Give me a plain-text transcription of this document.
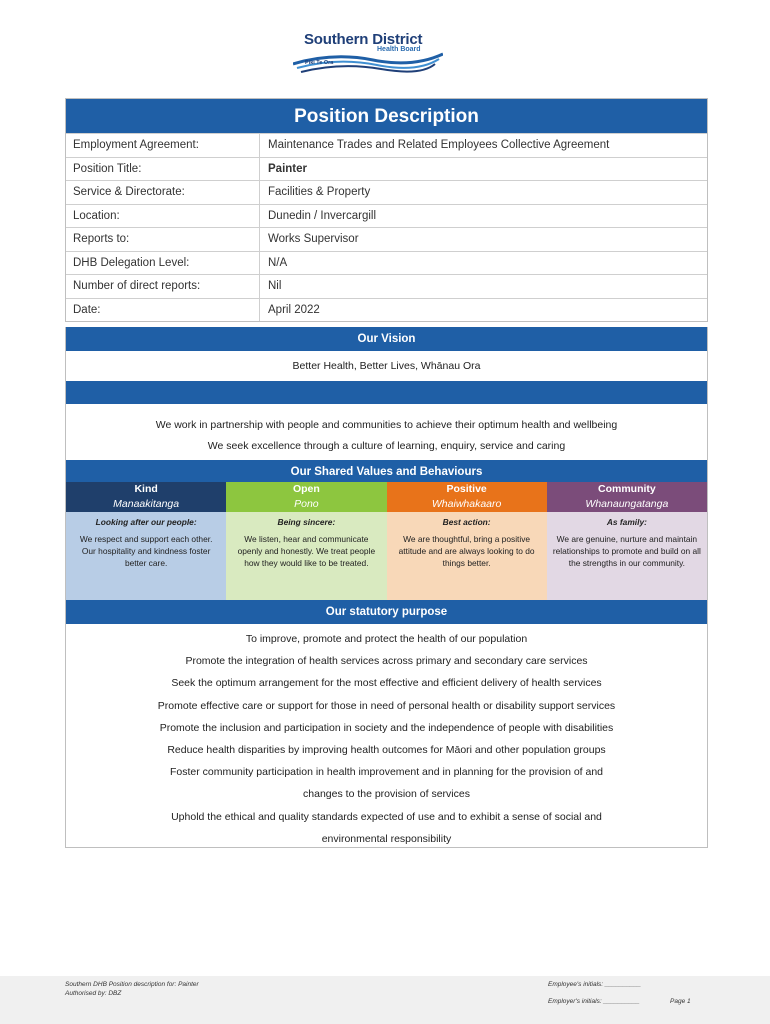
Southern District
Health Board
Piki Te Ora
Position Description
Employment Agreement:	Maintenance Trades and Related Employees Collective Agreement
Position Title:	Painter
Service & Directorate:	Facilities & Property
Location:	Dunedin / Invercargill
Reports to:	Works Supervisor
DHB Delegation Level:	N/A
Number of direct reports:	Nil
Date:	April 2022
Our Vision
Better Health, Better Lives, Whānau Ora
We work in partnership with people and communities to achieve their optimum health and wellbeing
We seek excellence through a culture of learning, enquiry, service and caring
Our Shared Values and Behaviours
Kind
Manaakitanga
Looking after our people:
We respect and support each other. Our hospitality and kindness foster better care.
Open
Pono
Being sincere:
We listen, hear and communicate openly and honestly. We treat people how they would like to be treated.
Positive
Whaiwhakaaro
Best action:
We are thoughtful, bring a positive attitude and are always looking to do things better.
Community
Whanaungatanga
As family:
We are genuine, nurture and maintain relationships to promote and build on all the strengths in our community.
Our statutory purpose
To improve, promote and protect the health of our population
Promote the integration of health services across primary and secondary care services
Seek the optimum arrangement for the most effective and efficient delivery of health services
Promote effective care or support for those in need of personal health or disability support services
Promote the inclusion and participation in society and the independence of people with disabilities
Reduce health disparities by improving health outcomes for Māori and other population groups
Foster community participation in health improvement and in planning for the provision of and
changes to the provision of services
Uphold the ethical and quality standards expected of use and to exhibit a sense of social and
environmental responsibility
Southern DHB Position description for: Painter
Authorised by: DBZ
Employee's initials: __________
Employer's initials: __________	Page 1
